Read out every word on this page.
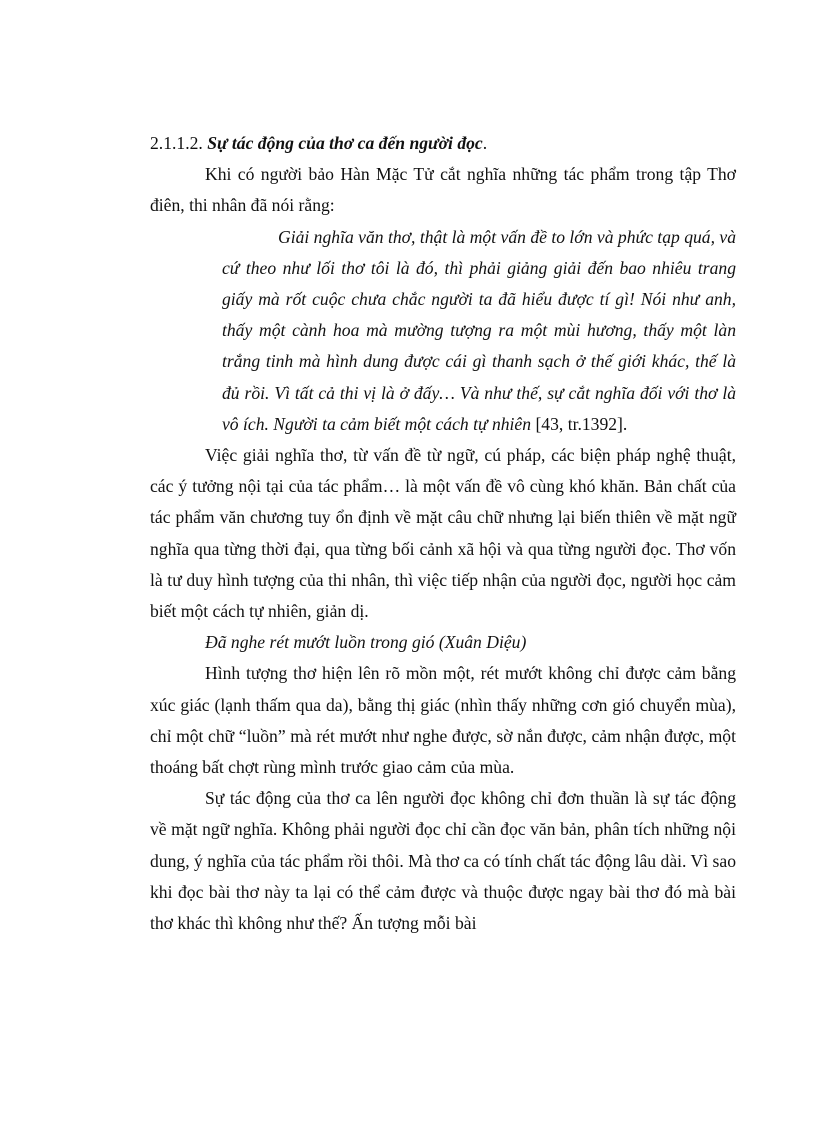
2.1.1.2. Sự tác động của thơ ca đến người đọc.

Khi có người bảo Hàn Mặc Tử cắt nghĩa những tác phẩm trong tập Thơ điên, thi nhân đã nói rằng:

Giải nghĩa văn thơ, thật là một vấn đề to lớn và phức tạp quá, và cứ theo như lối thơ tôi là đó, thì phải giảng giải đến bao nhiêu trang giấy mà rốt cuộc chưa chắc người ta đã hiểu được tí gì! Nói như anh, thấy một cành hoa mà mường tượng ra một mùi hương, thấy một làn trắng tinh mà hình dung được cái gì thanh sạch ở thế giới khác, thế là đủ rồi. Vì tất cả thi vị là ở đấy… Và như thế, sự cắt nghĩa đối với thơ là vô ích. Người ta cảm biết một cách tự nhiên [43, tr.1392].

Việc giải nghĩa thơ, từ vấn đề từ ngữ, cú pháp, các biện pháp nghệ thuật, các ý tưởng nội tại của tác phẩm… là một vấn đề vô cùng khó khăn. Bản chất của tác phẩm văn chương tuy ổn định về mặt câu chữ nhưng lại biến thiên về mặt ngữ nghĩa qua từng thời đại, qua từng bối cảnh xã hội và qua từng người đọc. Thơ vốn là tư duy hình tượng của thi nhân, thì việc tiếp nhận của người đọc, người học cảm biết một cách tự nhiên, giản dị.

Đã nghe rét mướt luồn trong gió (Xuân Diệu)

Hình tượng thơ hiện lên rõ mồn một, rét mướt không chỉ được cảm bằng xúc giác (lạnh thấm qua da), bằng thị giác (nhìn thấy những cơn gió chuyển mùa), chỉ một chữ “luồn” mà rét mướt như nghe được, sờ nắn được, cảm nhận được, một thoáng bất chợt rùng mình trước giao cảm của mùa.

Sự tác động của thơ ca lên người đọc không chỉ đơn thuần là sự tác động về mặt ngữ nghĩa. Không phải người đọc chỉ cần đọc văn bản, phân tích những nội dung, ý nghĩa của tác phẩm rồi thôi. Mà thơ ca có tính chất tác động lâu dài. Vì sao khi đọc bài thơ này ta lại có thể cảm được và thuộc được ngay bài thơ đó mà bài thơ khác thì không như thế? Ấn tượng mỗi bài
